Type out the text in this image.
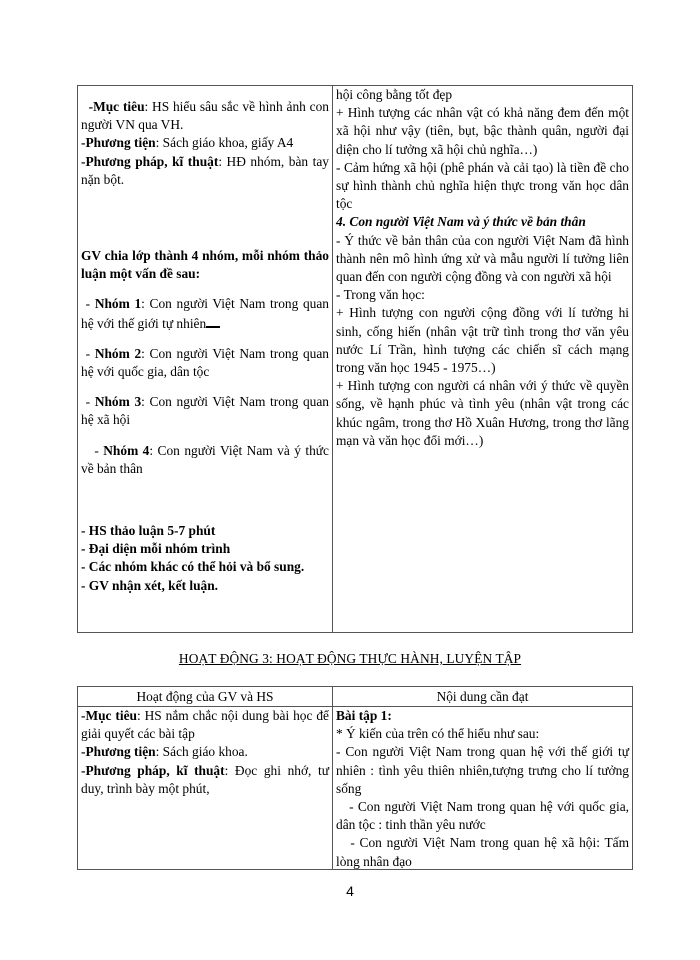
-Mục tiêu: HS hiểu sâu sắc về hình ảnh con người VN qua VH.
-Phương tiện: Sách giáo khoa, giấy A4
-Phương pháp, kĩ thuật: HĐ nhóm, bàn tay nặn bột.
GV chia lớp thành 4 nhóm, mỗi nhóm thảo luận một vấn đề sau:
- Nhóm 1: Con người Việt Nam trong quan hệ với thế giới tự nhiên
- Nhóm 2: Con người Việt Nam trong quan hệ với quốc gia, dân tộc
- Nhóm 3: Con người Việt Nam trong quan hệ xã hội
- Nhóm 4: Con người Việt Nam và ý thức về bản thân
- HS thảo luận 5-7 phút
- Đại diện mỗi nhóm trình
- Các nhóm khác có thể hỏi và bổ sung.
- GV nhận xét, kết luận.
hội công bằng tốt đẹp
+ Hình tượng các nhân vật có khả năng đem đến một xã hội như vậy (tiên, bụt, bậc thành quân, người đại diện cho lí tưởng xã hội chủ nghĩa…)
- Cảm hứng xã hội (phê phán và cải tạo) là tiền đề cho sự hình thành chủ nghĩa hiện thực trong văn học dân tộc
4. Con người Việt Nam và ý thức về bản thân
- Ý thức về bản thân của con người Việt Nam đã hình thành nên mô hình ứng xử và mẫu người lí tưởng liên quan đến con người cộng đồng và con người xã hội
- Trong văn học:
+ Hình tượng con người cộng đồng với lí tưởng hi sinh, cống hiến (nhân vật trữ tình trong thơ văn yêu nước Lí Trần, hình tượng các chiến sĩ cách mạng trong văn học 1945 - 1975…)
+ Hình tượng con người cá nhân với ý thức về quyền sống, về hạnh phúc và tình yêu (nhân vật trong các khúc ngâm, trong thơ Hồ Xuân Hương, trong thơ lãng mạn và văn học đổi mới…)
HOẠT ĐỘNG 3: HOẠT ĐỘNG THỰC HÀNH, LUYỆN TẬP
Hoạt động của GV và HS
-Mục tiêu: HS nắm chắc nội dung bài học để giải quyết các bài tập
-Phương tiện: Sách giáo khoa.
-Phương pháp, kĩ thuật: Đọc ghi nhớ, tư duy, trình bày một phút,
Nội dung cần đạt
Bài tập 1:
* Ý kiến của trên có thể hiểu như sau:
- Con người Việt Nam trong quan hệ với thế giới tự nhiên : tình yêu thiên nhiên,tượng trưng cho lí tưởng sống
- Con người Việt Nam trong quan hệ với quốc gia, dân tộc : tinh thần yêu nước
- Con người Việt Nam trong quan hệ xã hội: Tấm lòng nhân đạo
4
